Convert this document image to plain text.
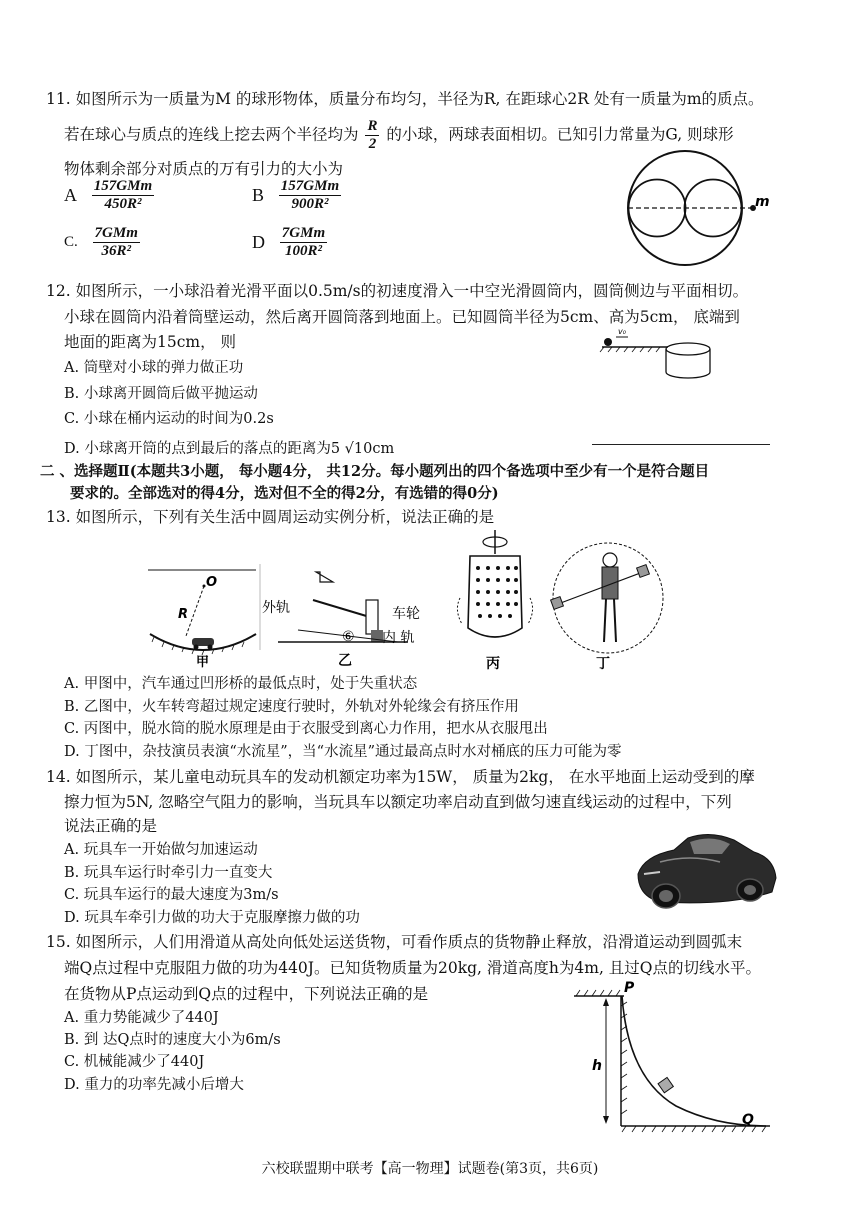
11. 如图所示为一质量为M 的球形物体，质量分布均匀，半径为R, 在距球心2R 处有一质量为m的质点。
若在球心与质点的连线上挖去两个半径均为 $\frac{R}{2}$ 的小球，两球表面相切。已知引力常量为G, 则球形
物体剩余部分对质点的万有引力的大小为
A $\frac{\text{157GMm}}{\text{450R²}}$	B $\frac{\text{157GMm}}{\text{900R²}}$
C. $\frac{\text{7GMm}}{\text{36R²}}$	D $\frac{\text{7GMm}}{\text{100R²}}$
m
12. 如图所示，一小球沿着光滑平面以0.5m/s的初速度滑入一中空光滑圆筒内，圆筒侧边与平面相切。
小球在圆筒内沿着筒壁运动，然后离开圆筒落到地面上。已知圆筒半径为5cm、高为5cm， 底端到
地面的距离为15cm， 则
A. 筒壁对小球的弹力做正功
B. 小球离开圆筒后做平抛运动
C. 小球在桶内运动的时间为0.2s
D. 小球离开筒的点到最后的落点的距离为5 √10cm
v₀
二 、选择题Ⅱ(本题共3小题， 每小题4分， 共12分。每小题列出的四个备选项中至少有一个是符合题目
要求的。全部选对的得4分，选对但不全的得2分，有选错的得0分)
13. 如图所示，下列有关生活中圆周运动实例分析，说法正确的是
O
R
甲
外轨	车轮
⑥ 内 轨
乙	丙	丁
A. 甲图中，汽车通过凹形桥的最低点时，处于失重状态
B. 乙图中，火车转弯超过规定速度行驶时，外轨对外轮缘会有挤压作用
C. 丙图中，脱水筒的脱水原理是由于衣服受到离心力作用，把水从衣服甩出
D. 丁图中，杂技演员表演“水流星”，当“水流星”通过最高点时水对桶底的压力可能为零
14. 如图所示，某儿童电动玩具车的发动机额定功率为15W， 质量为2kg， 在水平地面上运动受到的摩
擦力恒为5N, 忽略空气阻力的影响，当玩具车以额定功率启动直到做匀速直线运动的过程中，下列
说法正确的是
A. 玩具车一开始做匀加速运动
B. 玩具车运行时牵引力一直变大
C. 玩具车运行的最大速度为3m/s
D. 玩具车牵引力做的功大于克服摩擦力做的功
15. 如图所示，人们用滑道从高处向低处运送货物，可看作质点的货物静止释放，沿滑道运动到圆弧末
端Q点过程中克服阻力做的功为440J。已知货物质量为20kg, 滑道高度h为4m, 且过Q点的切线水平。
在货物从P点运动到Q点的过程中，下列说法正确的是
A. 重力势能减少了440J
B. 到 达Q点时的速度大小为6m/s
C. 机械能减少了440J
D. 重力的功率先减小后增大
P
h
Q
六校联盟期中联考【高一物理】试题卷(第3页，共6页)
